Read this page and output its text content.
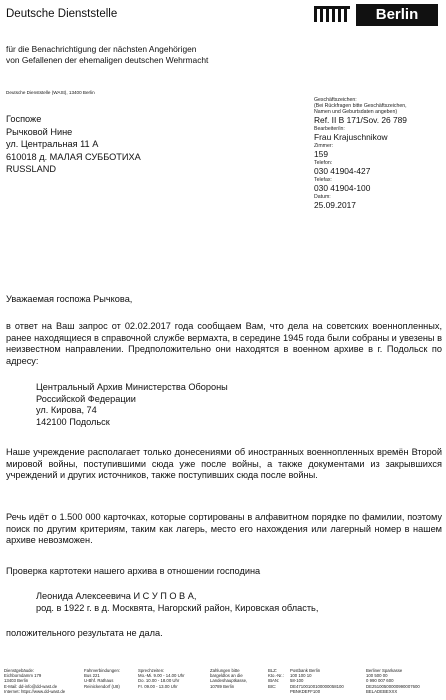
Deutsche Dienststelle
für die Benachrichtigung der nächsten Angehörigen
von Gefallenen der ehemaligen deutschen Wehrmacht
Berlin
Deutsche Dienststelle (WASt), 13400 Berlin
Госпоже
Рычковой Нине
ул. Центральная 11 А
610018 д. МАЛАЯ СУББОТИХА
RUSSLAND
Geschäftszeichen:
(Bei Rückfragen bitte Geschäftszeichen,
Namen und Geburtsdaten angeben)
Ref. II B 171/Sov. 26 789
Bearbeiter/in:
Frau Krajuschnikow
Zimmer:
159
Telefon:
030 41904-427
Telefax:
030 41904-100
Datum:
25.09.2017
Уважаемая госпожа Рычкова,
в ответ на Ваш запрос от 02.02.2017 года сообщаем Вам, что дела на советских военнопленных, ранее находящиеся в справочной службе вермахта, в середине 1945 года были собраны и увезены в неизвестном направлении. Предположительно они находятся в военном архиве в г. Подольск по адресу:
Центральный Архив Министерства Обороны
Российской Федерации
ул. Кирова, 74
142100 Подольск
Наше учреждение располагает только донесениями об иностранных военнопленных времён Второй мировой войны, поступившими сюда уже после войны, а также документами из закрывшихся учреждений и других источников, также поступивших сюда после войны.
Речь идёт о 1.500 000 карточках, которые сортированы в алфавитном порядке по фамилии, поэтому поиск по другим критериям, таким как лагерь, место его нахождения или лагерный номер в нашем архиве невозможен.
Проверка картотеки нашего архива в отношении господина
Леонида Алексеевича И С У П О В А,
род. в 1922 г. в д. Москвята, Нагорский район, Кировская область,
положительного результата не дала.
Dienstgebäude:
Eichborndamm 179
13403 Berlin
E-Mail: dd-info@dd-wast.de
Internet: https://www.dd-wast.de
Fahrverbindungen:
Bus 221
U-Bhf. Rathaus
Reinickendorf (U8)
Sprechzeiten:
Mo.-Mi. 9.00 - 14.00 Uhr
Do. 10.00 - 18.00 Uhr
Fr. 09.00 - 13.00 Uhr
Zahlungen bitte
bargeldlos an die
Landeshauptkasse,
10789 Berlin
BLZ:
Kto.-Nr.:
IBAN:
BIC:
Postbank Berlin
100 100 10
58-100
DE47100100100000058100
PBNKDEFF100
Berliner Sparkasse
100 500 00
0 990 007 600
DE25100500000990007600
BELADEBEXXX
